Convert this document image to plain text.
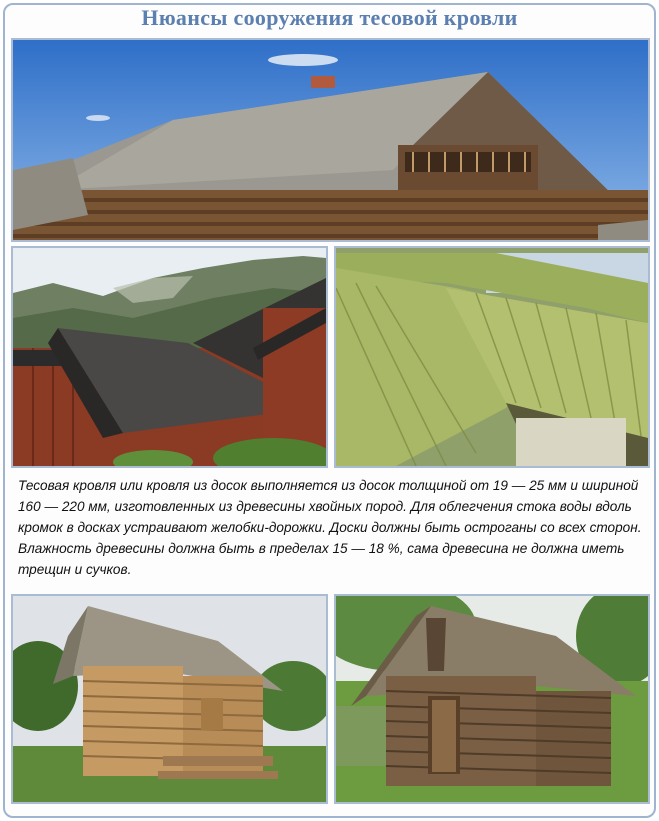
Нюансы сооружения тесовой кровли
Тесовая кровля или кровля из досок выполняется из досок толщиной от 19 — 25 мм и шириной 160 — 220 мм, изготовленных из древесины хвойных пород. Для облегчения стока воды вдоль кромок в досках устраивают желобки-дорожки. Доски должны быть острoганы со всех сторон. Влажность древесины должна быть в пределах 15 — 18 %, сама древесина не должна иметь трещин и сучков.
